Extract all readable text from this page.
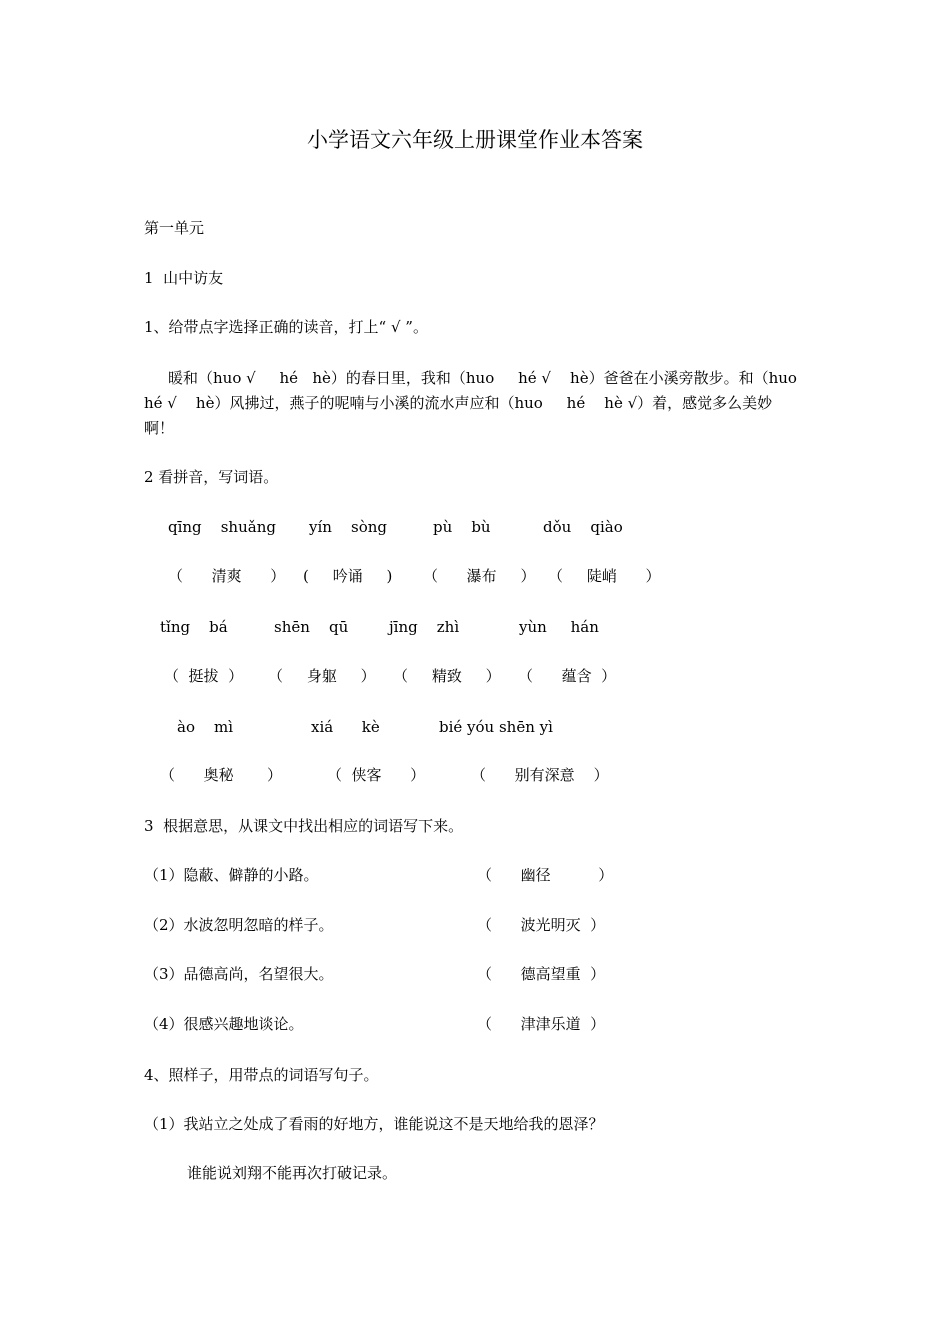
小学语文六年级上册课堂作业本答案
第一单元
1  山中访友
1、给带点字选择正确的读音，打上“ √ ”。
暖和（huo √     hé   hè）的春日里，我和（huo     hé √    hè）爸爸在小溪旁散步。和（huo
hé √    hè）风拂过，燕子的呢喃与小溪的流水声应和（huo     hé    hè √）着，感觉多么美妙
啊！
2 看拼音，写词语。
qīng    shuǎng yín    sòng	pù    bù	dǒu    qiào
（      清爽      ） (     吟诵     ) （      瀑布     ） （     陡峭      ）
tǐng    bá	shēn    qū	jīng    zhì	yùn     hán
（  挺拔  ） （     身躯     ） （     精致     ） （      蕴含  ）
ào    mì	xiá      kè	bié yóu shēn yì
（      奥秘       ）	（  侠客      ）	（      别有深意    ）
3  根据意思，从课文中找出相应的词语写下来。
（1）隐蔽、僻静的小路。	（      幽径          ）
（2）水波忽明忽暗的样子。	（      波光明灭  ）
（3）品德高尚，名望很大。	（      德高望重  ）
（4）很感兴趣地谈论。	（      津津乐道  ）
4、照样子，用带点的词语写句子。
（1）我站立之处成了看雨的好地方，谁能说这不是天地给我的恩泽？
谁能说刘翔不能再次打破记录。
